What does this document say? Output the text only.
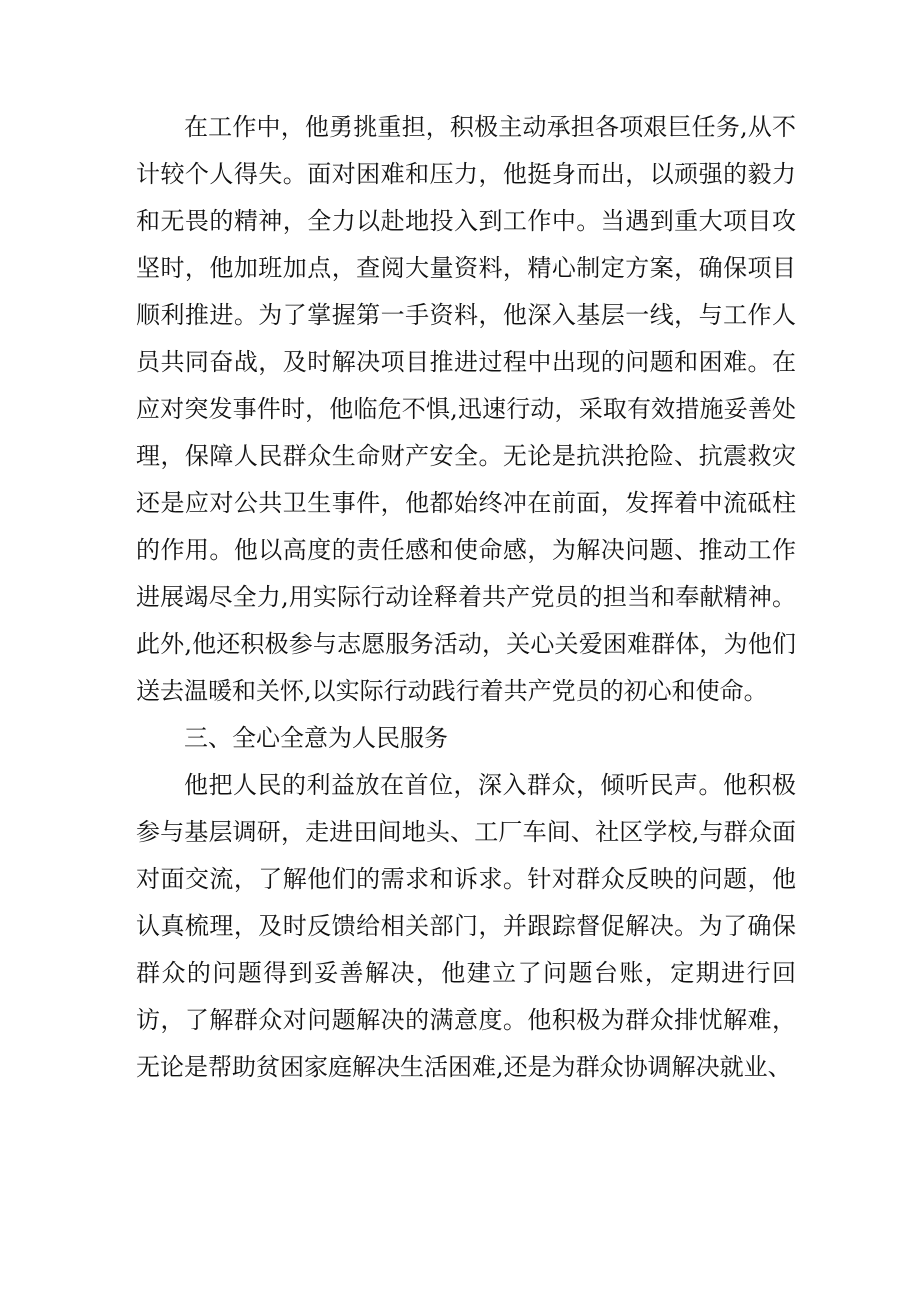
在工作中，他勇挑重担，积极主动承担各项艰巨任务,从不计较个人得失。面对困难和压力，他挺身而出，以顽强的毅力和无畏的精神，全力以赴地投入到工作中。当遇到重大项目攻坚时，他加班加点，查阅大量资料，精心制定方案，确保项目顺利推进。为了掌握第一手资料，他深入基层一线，与工作人员共同奋战，及时解决项目推进过程中出现的问题和困难。在应对突发事件时，他临危不惧,迅速行动，采取有效措施妥善处理，保障人民群众生命财产安全。无论是抗洪抢险、抗震救灾还是应对公共卫生事件，他都始终冲在前面，发挥着中流砥柱的作用。他以高度的责任感和使命感，为解决问题、推动工作进展竭尽全力,用实际行动诠释着共产党员的担当和奉献精神。此外,他还积极参与志愿服务活动，关心关爱困难群体，为他们送去温暖和关怀,以实际行动践行着共产党员的初心和使命。

三、全心全意为人民服务

他把人民的利益放在首位，深入群众，倾听民声。他积极参与基层调研，走进田间地头、工厂车间、社区学校,与群众面对面交流，了解他们的需求和诉求。针对群众反映的问题，他认真梳理，及时反馈给相关部门，并跟踪督促解决。为了确保群众的问题得到妥善解决，他建立了问题台账，定期进行回访，了解群众对问题解决的满意度。他积极为群众排忧解难，无论是帮助贫困家庭解决生活困难,还是为群众协调解决就业、
